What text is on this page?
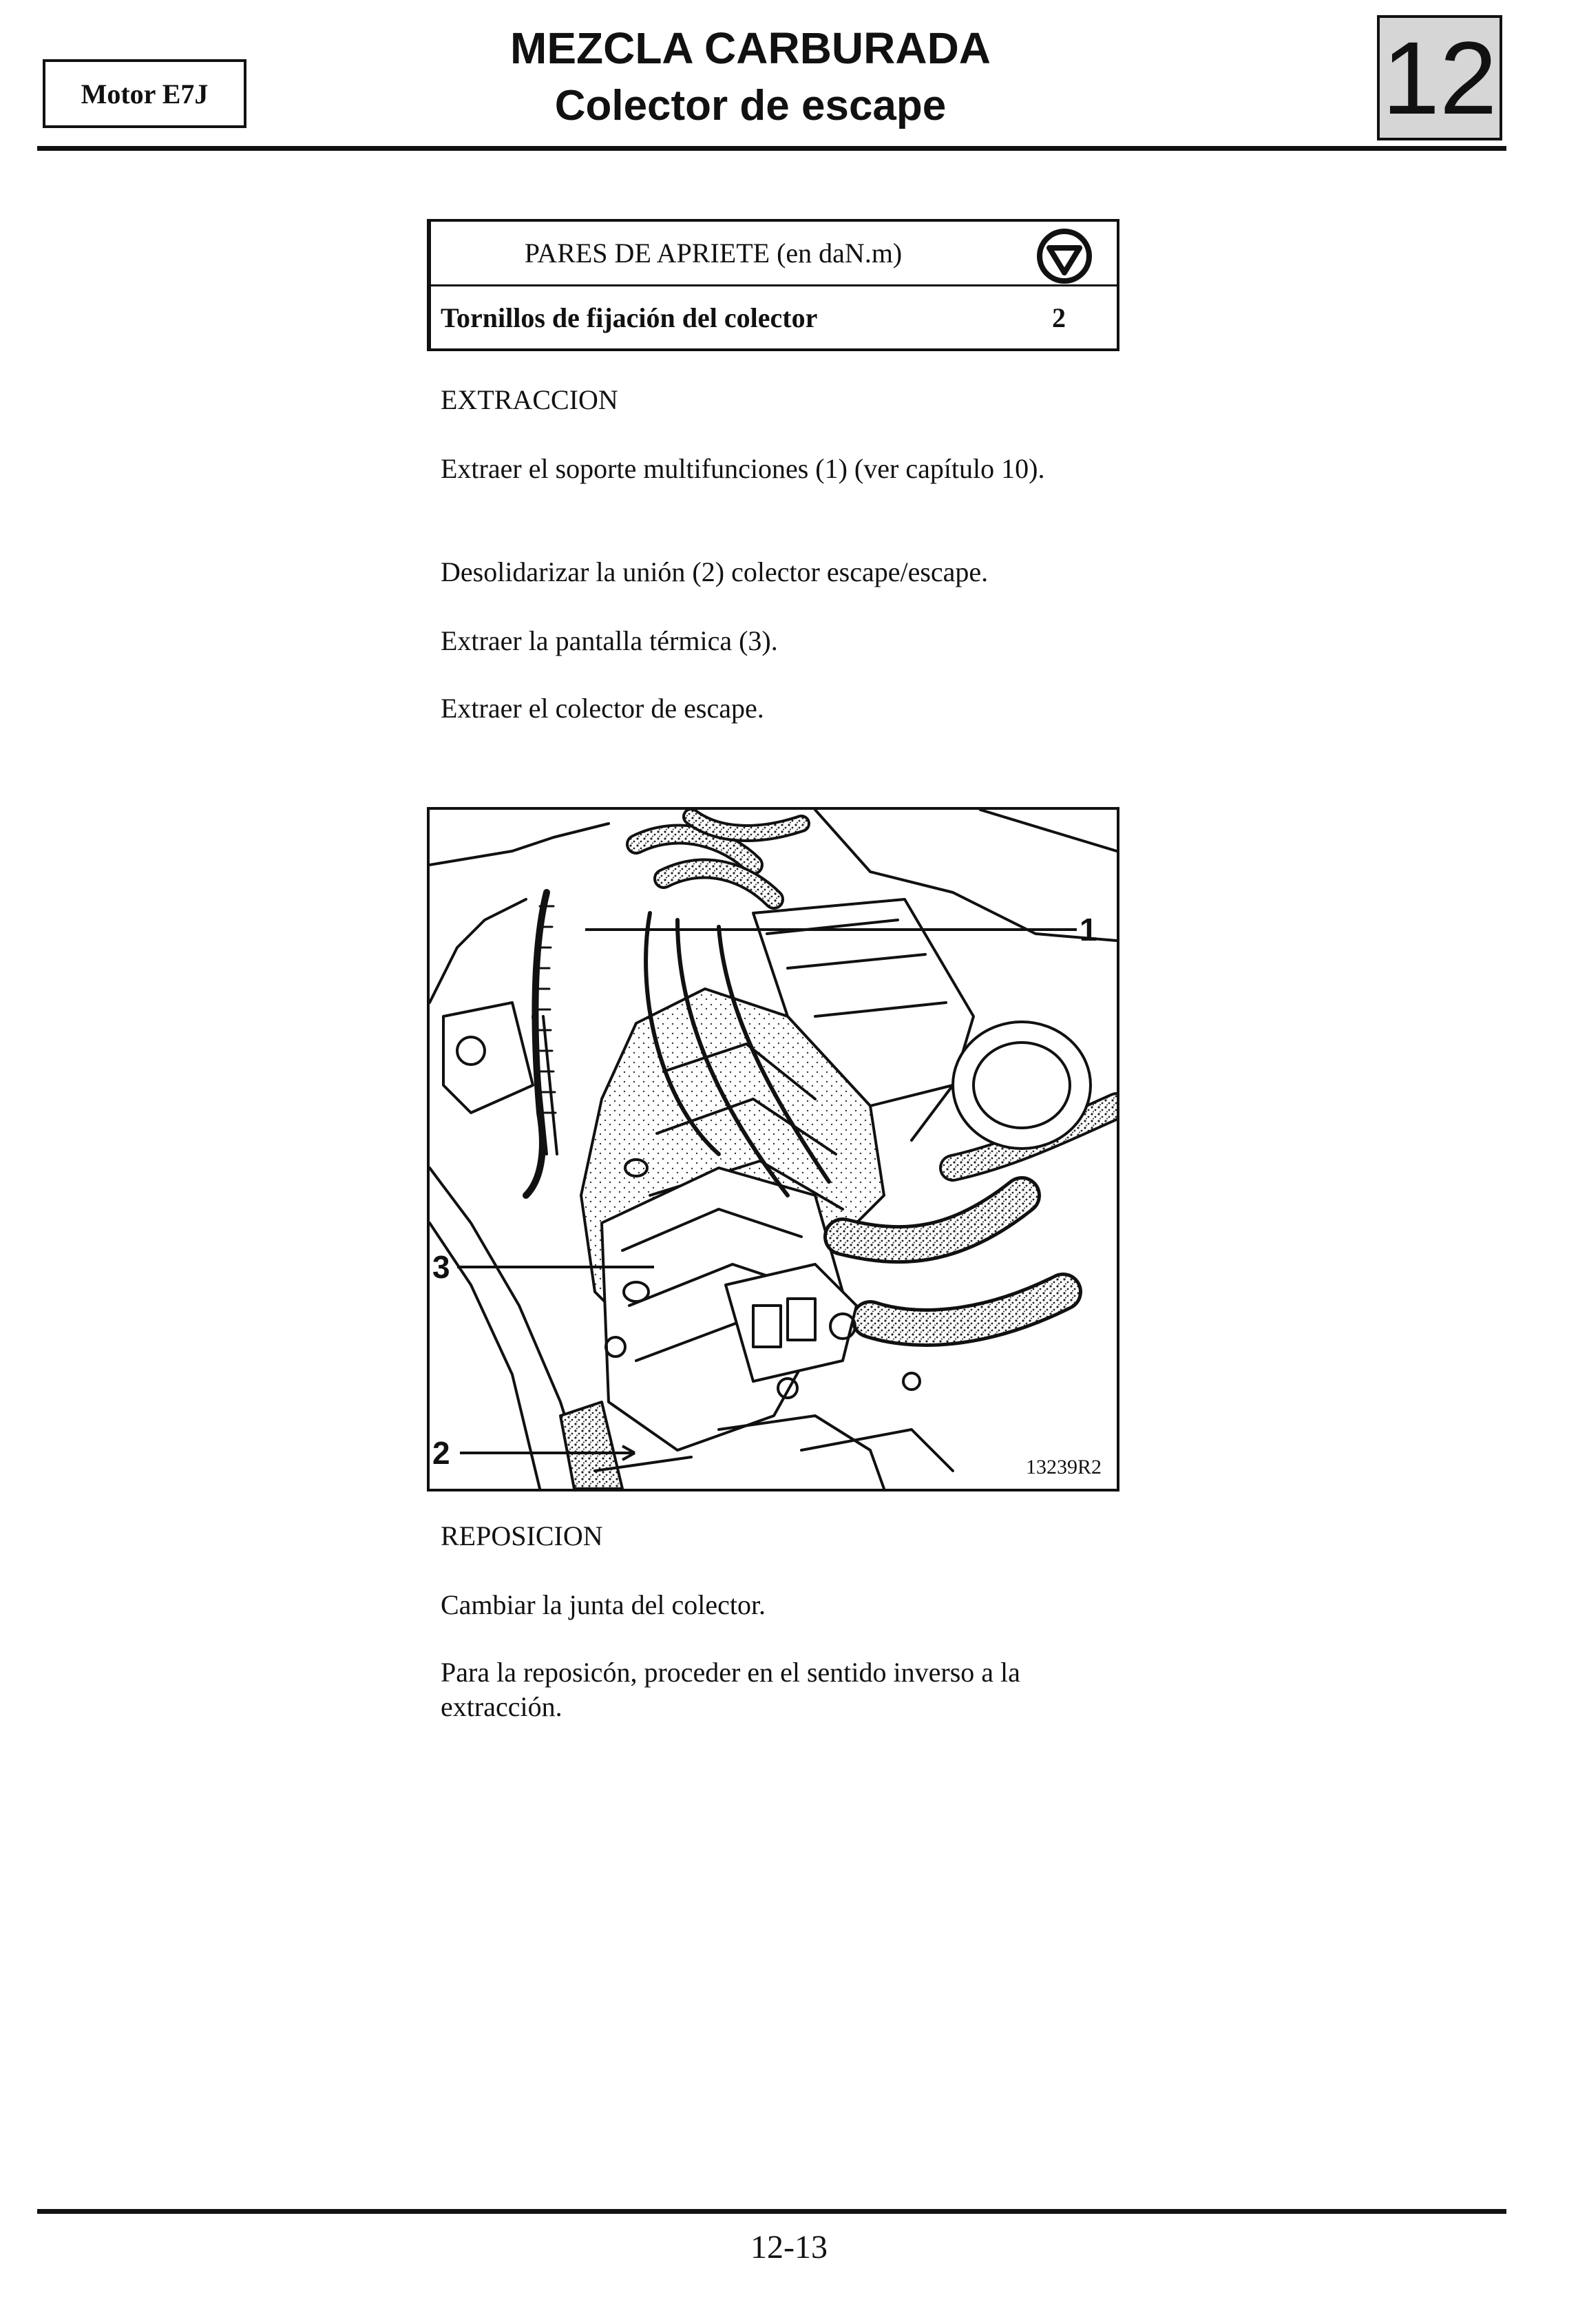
Motor E7J
MEZCLA CARBURADA
Colector de escape	12
PARES DE APRIETE (en daN.m)
Tornillos de fijación del colector	2
EXTRACCION
Extraer el soporte multifunciones (1) (ver capítulo 10).
Desolidarizar la unión (2) colector escape/escape.
Extraer la pantalla térmica (3).
Extraer el colector de escape.
1
3
2	13239R2
REPOSICION
Cambiar la junta del colector.
Para la reposicón, proceder en el sentido inverso a la extracción.
12-13
